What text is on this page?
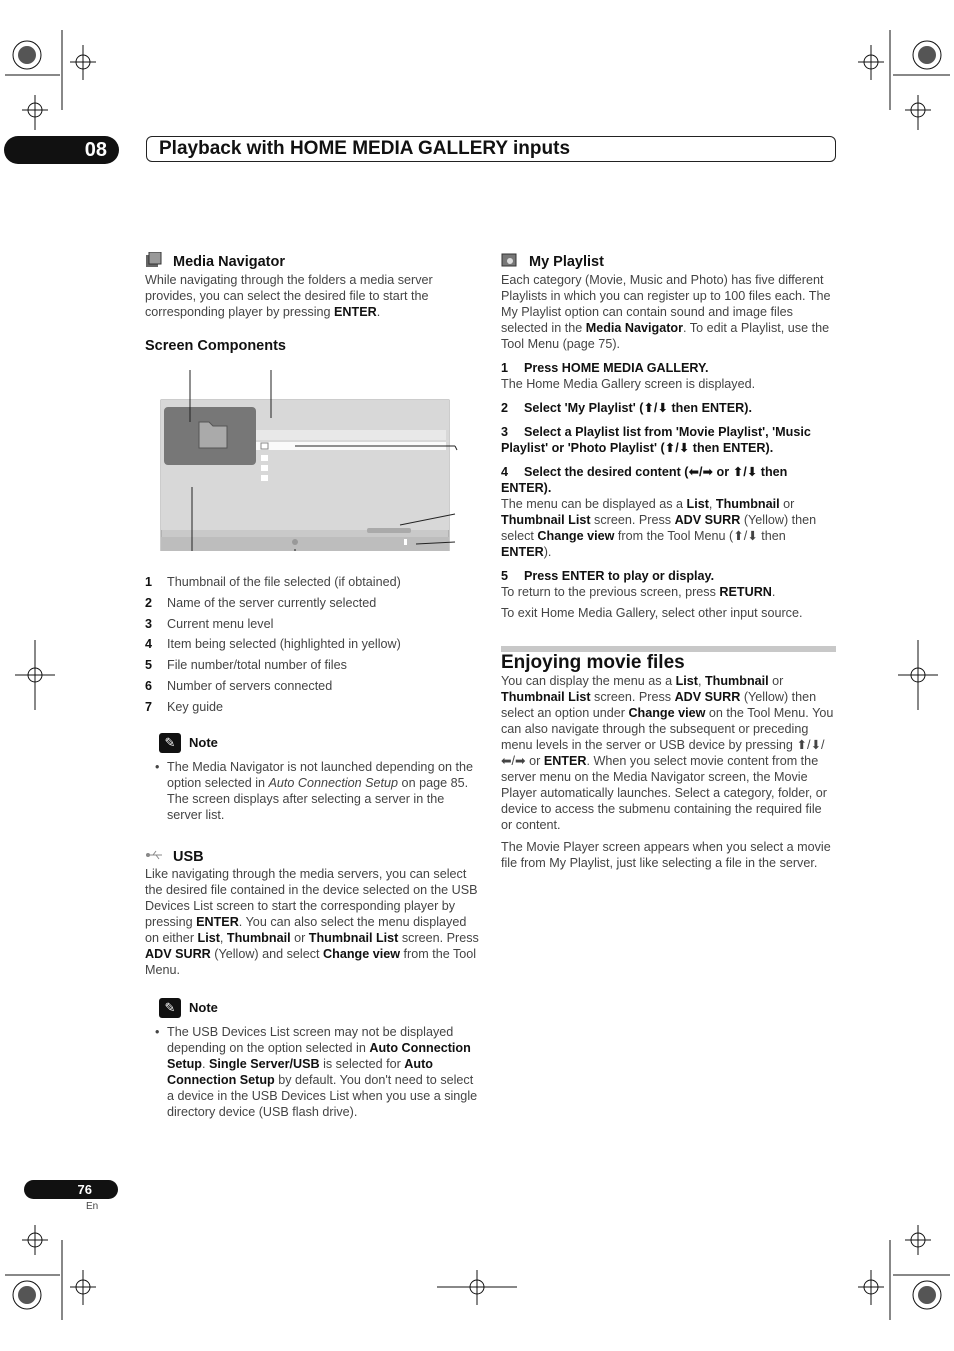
08	Playback with HOME MEDIA GALLERY inputs
Media Navigator

While navigating through the folders a media server provides, you can select the desired file to start the corresponding player by pressing ENTER.

Screen Components
1	Thumbnail of the file selected (if obtained)
2	Name of the server currently selected
3	Current menu level
4	Item being selected (highlighted in yellow)
5	File number/total number of files
6	Number of servers connected
7	Key guide
✎	Note
• The Media Navigator is not launched depending on the option selected in Auto Connection Setup on page 85. The screen displays after selecting a server in the server list.

USB

Like navigating through the media servers, you can select the desired file contained in the device selected on the USB Devices List screen to start the corresponding player by pressing ENTER. You can also select the menu displayed on either List, Thumbnail or Thumbnail List screen. Press ADV SURR (Yellow) and select Change view from the Tool Menu.

✎	Note
• The USB Devices List screen may not be displayed depending on the option selected in Auto Connection Setup. Single Server/USB is selected for Auto Connection Setup by default. You don't need to select a device in the USB Devices List when you use a single directory device (USB flash drive).

My Playlist

Each category (Movie, Music and Photo) has five different Playlists in which you can register up to 100 files each. The My Playlist option can contain sound and image files selected in the Media Navigator. To edit a Playlist, use the Tool Menu (page 75).

1 Press HOME MEDIA GALLERY.

The Home Media Gallery screen is displayed.

2 Select 'My Playlist' (⬆/⬇ then ENTER).
3 Select a Playlist list from 'Movie Playlist', 'Music Playlist' or 'Photo Playlist' (⬆/⬇ then ENTER).
4 Select the desired content (⬅/➡ or ⬆/⬇ then ENTER).

The menu can be displayed as a List, Thumbnail or Thumbnail List screen. Press ADV SURR (Yellow) then select Change view from the Tool Menu (⬆/⬇ then ENTER).

5 Press ENTER to play or display.

To return to the previous screen, press RETURN.

To exit Home Media Gallery, select other input source.

Enjoying movie files

You can display the menu as a List, Thumbnail or Thumbnail List screen. Press ADV SURR (Yellow) then select an option under Change view on the Tool Menu. You can also navigate through the subsequent or preceding menu levels in the server or USB device by pressing ⬆/⬇/⬅/➡ or ENTER. When you select movie content from the server menu on the Media Navigator screen, the Movie Player automatically launches. Select a category, folder, or device to access the submenu containing the required file or content.

The Movie Player screen appears when you select a movie file from My Playlist, just like selecting a file in the server.

76
En
